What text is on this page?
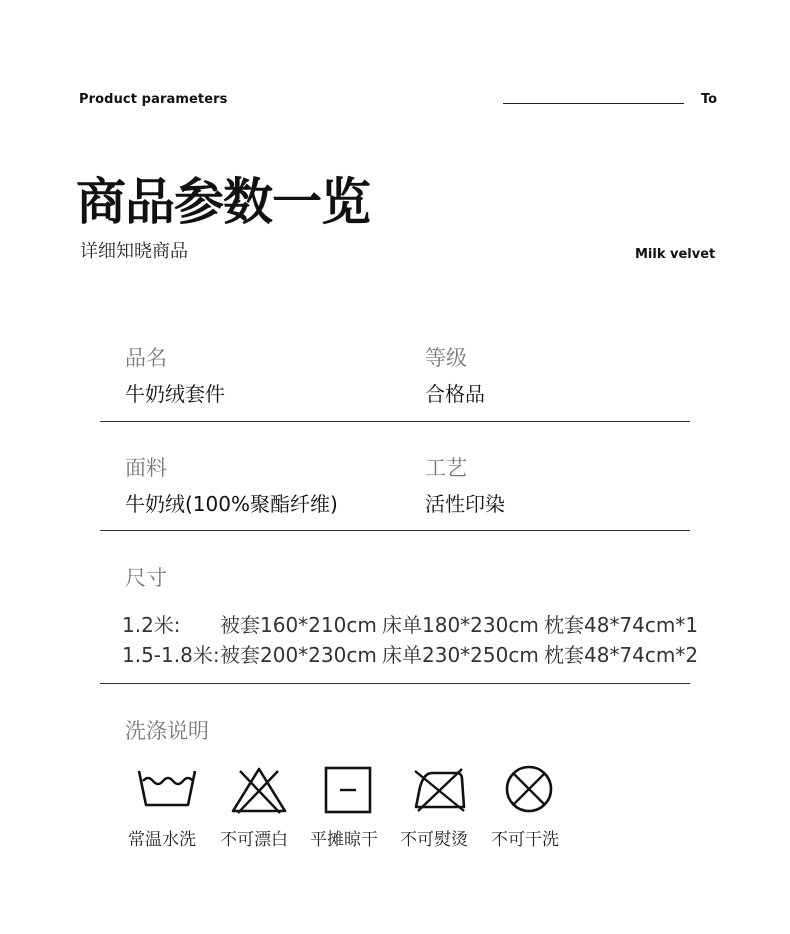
Product parameters	To
商品参数一览
详细知晓商品	Milk velvet
品名
牛奶绒套件
等级
合格品
面料
牛奶绒(100%聚酯纤维)
工艺
活性印染
尺寸
1.2米: 被套160*210cm 床单180*230cm 枕套48*74cm*1
1.5-1.8米: 被套200*230cm 床单230*250cm 枕套48*74cm*2
洗涤说明
常温水洗 不可漂白 平摊晾干 不可熨烫 不可干洗
